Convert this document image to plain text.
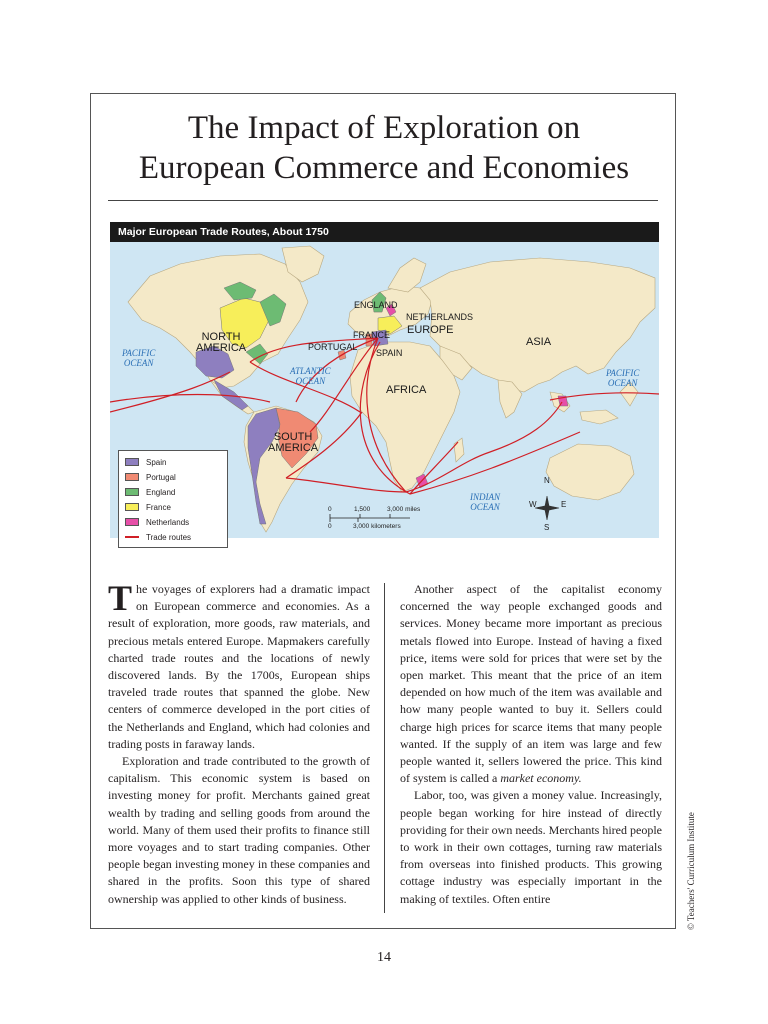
The Impact of Exploration on
European Commerce and Economies
Major European Trade Routes, About 1750
NORTH
AMERICA
SOUTH
AMERICA
EUROPE
ASIA
AFRICA
ENGLAND
NETHERLANDS
FRANCE
PORTUGAL
SPAIN
PACIFIC
OCEAN
PACIFIC
OCEAN
ATLANTIC
OCEAN
INDIAN
OCEAN
N
S
W	E
0	1,500	3,000 miles
0	3,000 kilometers
Spain
Portugal
England
France
Netherlands
Trade routes

The voyages of explorers had a dramatic impact on European commerce and economies. As a result of exploration, more goods, raw materials, and precious metals entered Europe. Mapmakers carefully charted trade routes and the locations of newly discovered lands. By the 1700s, European ships traveled trade routes that spanned the globe. New centers of commerce developed in the port cities of the Netherlands and England, which had colonies and trading posts in faraway lands.

Exploration and trade contributed to the growth of capitalism. This economic system is based on investing money for profit. Merchants gained great wealth by trading and selling goods from around the world. Many of them used their profits to finance still more voyages and to start trading companies. Other people began investing money in these companies and shared in the profits. Soon this type of shared ownership was applied to other kinds of business.

Another aspect of the capitalist economy concerned the way people exchanged goods and services. Money became more important as precious metals flowed into Europe. Instead of having a fixed price, items were sold for prices that were set by the open market. This meant that the price of an item depended on how much of the item was available and how many people wanted to buy it. Sellers could charge high prices for scarce items that many people wanted. If the supply of an item was large and few people wanted it, sellers lowered the price. This kind of system is called a market economy.

Labor, too, was given a money value. Increasingly, people began working for hire instead of directly providing for their own needs. Merchants hired people to work in their own cottages, turning raw materials from overseas into finished products. This growing cottage industry was especially important in the making of textiles. Often entire

14
© Teachers' Curriculum Institute
